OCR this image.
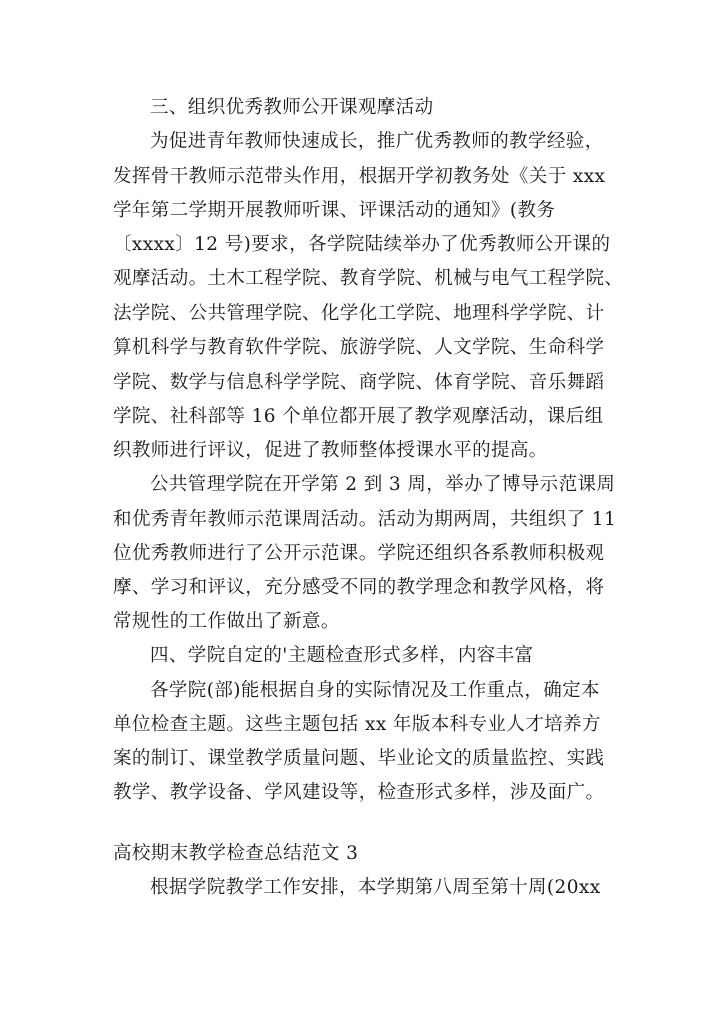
三、组织优秀教师公开课观摩活动
为促进青年教师快速成长，推广优秀教师的教学经验，
发挥骨干教师示范带头作用，根据开学初教务处《关于 xxx
学年第二学期开展教师听课、评课活动的通知》(教务
〔xxxx〕12 号)要求，各学院陆续举办了优秀教师公开课的
观摩活动。土木工程学院、教育学院、机械与电气工程学院、
法学院、公共管理学院、化学化工学院、地理科学学院、计
算机科学与教育软件学院、旅游学院、人文学院、生命科学
学院、数学与信息科学学院、商学院、体育学院、音乐舞蹈
学院、社科部等 16 个单位都开展了教学观摩活动，课后组
织教师进行评议，促进了教师整体授课水平的提高。
公共管理学院在开学第 2 到 3 周，举办了博导示范课周
和优秀青年教师示范课周活动。活动为期两周，共组织了 11
位优秀教师进行了公开示范课。学院还组织各系教师积极观
摩、学习和评议，充分感受不同的教学理念和教学风格，将
常规性的工作做出了新意。
四、学院自定的'主题检查形式多样，内容丰富
各学院(部)能根据自身的实际情况及工作重点，确定本
单位检查主题。这些主题包括 xx 年版本科专业人才培养方
案的制订、课堂教学质量问题、毕业论文的质量监控、实践
教学、教学设备、学风建设等，检查形式多样，涉及面广。
高校期末教学检查总结范文 3
根据学院教学工作安排，本学期第八周至第十周(20xx
